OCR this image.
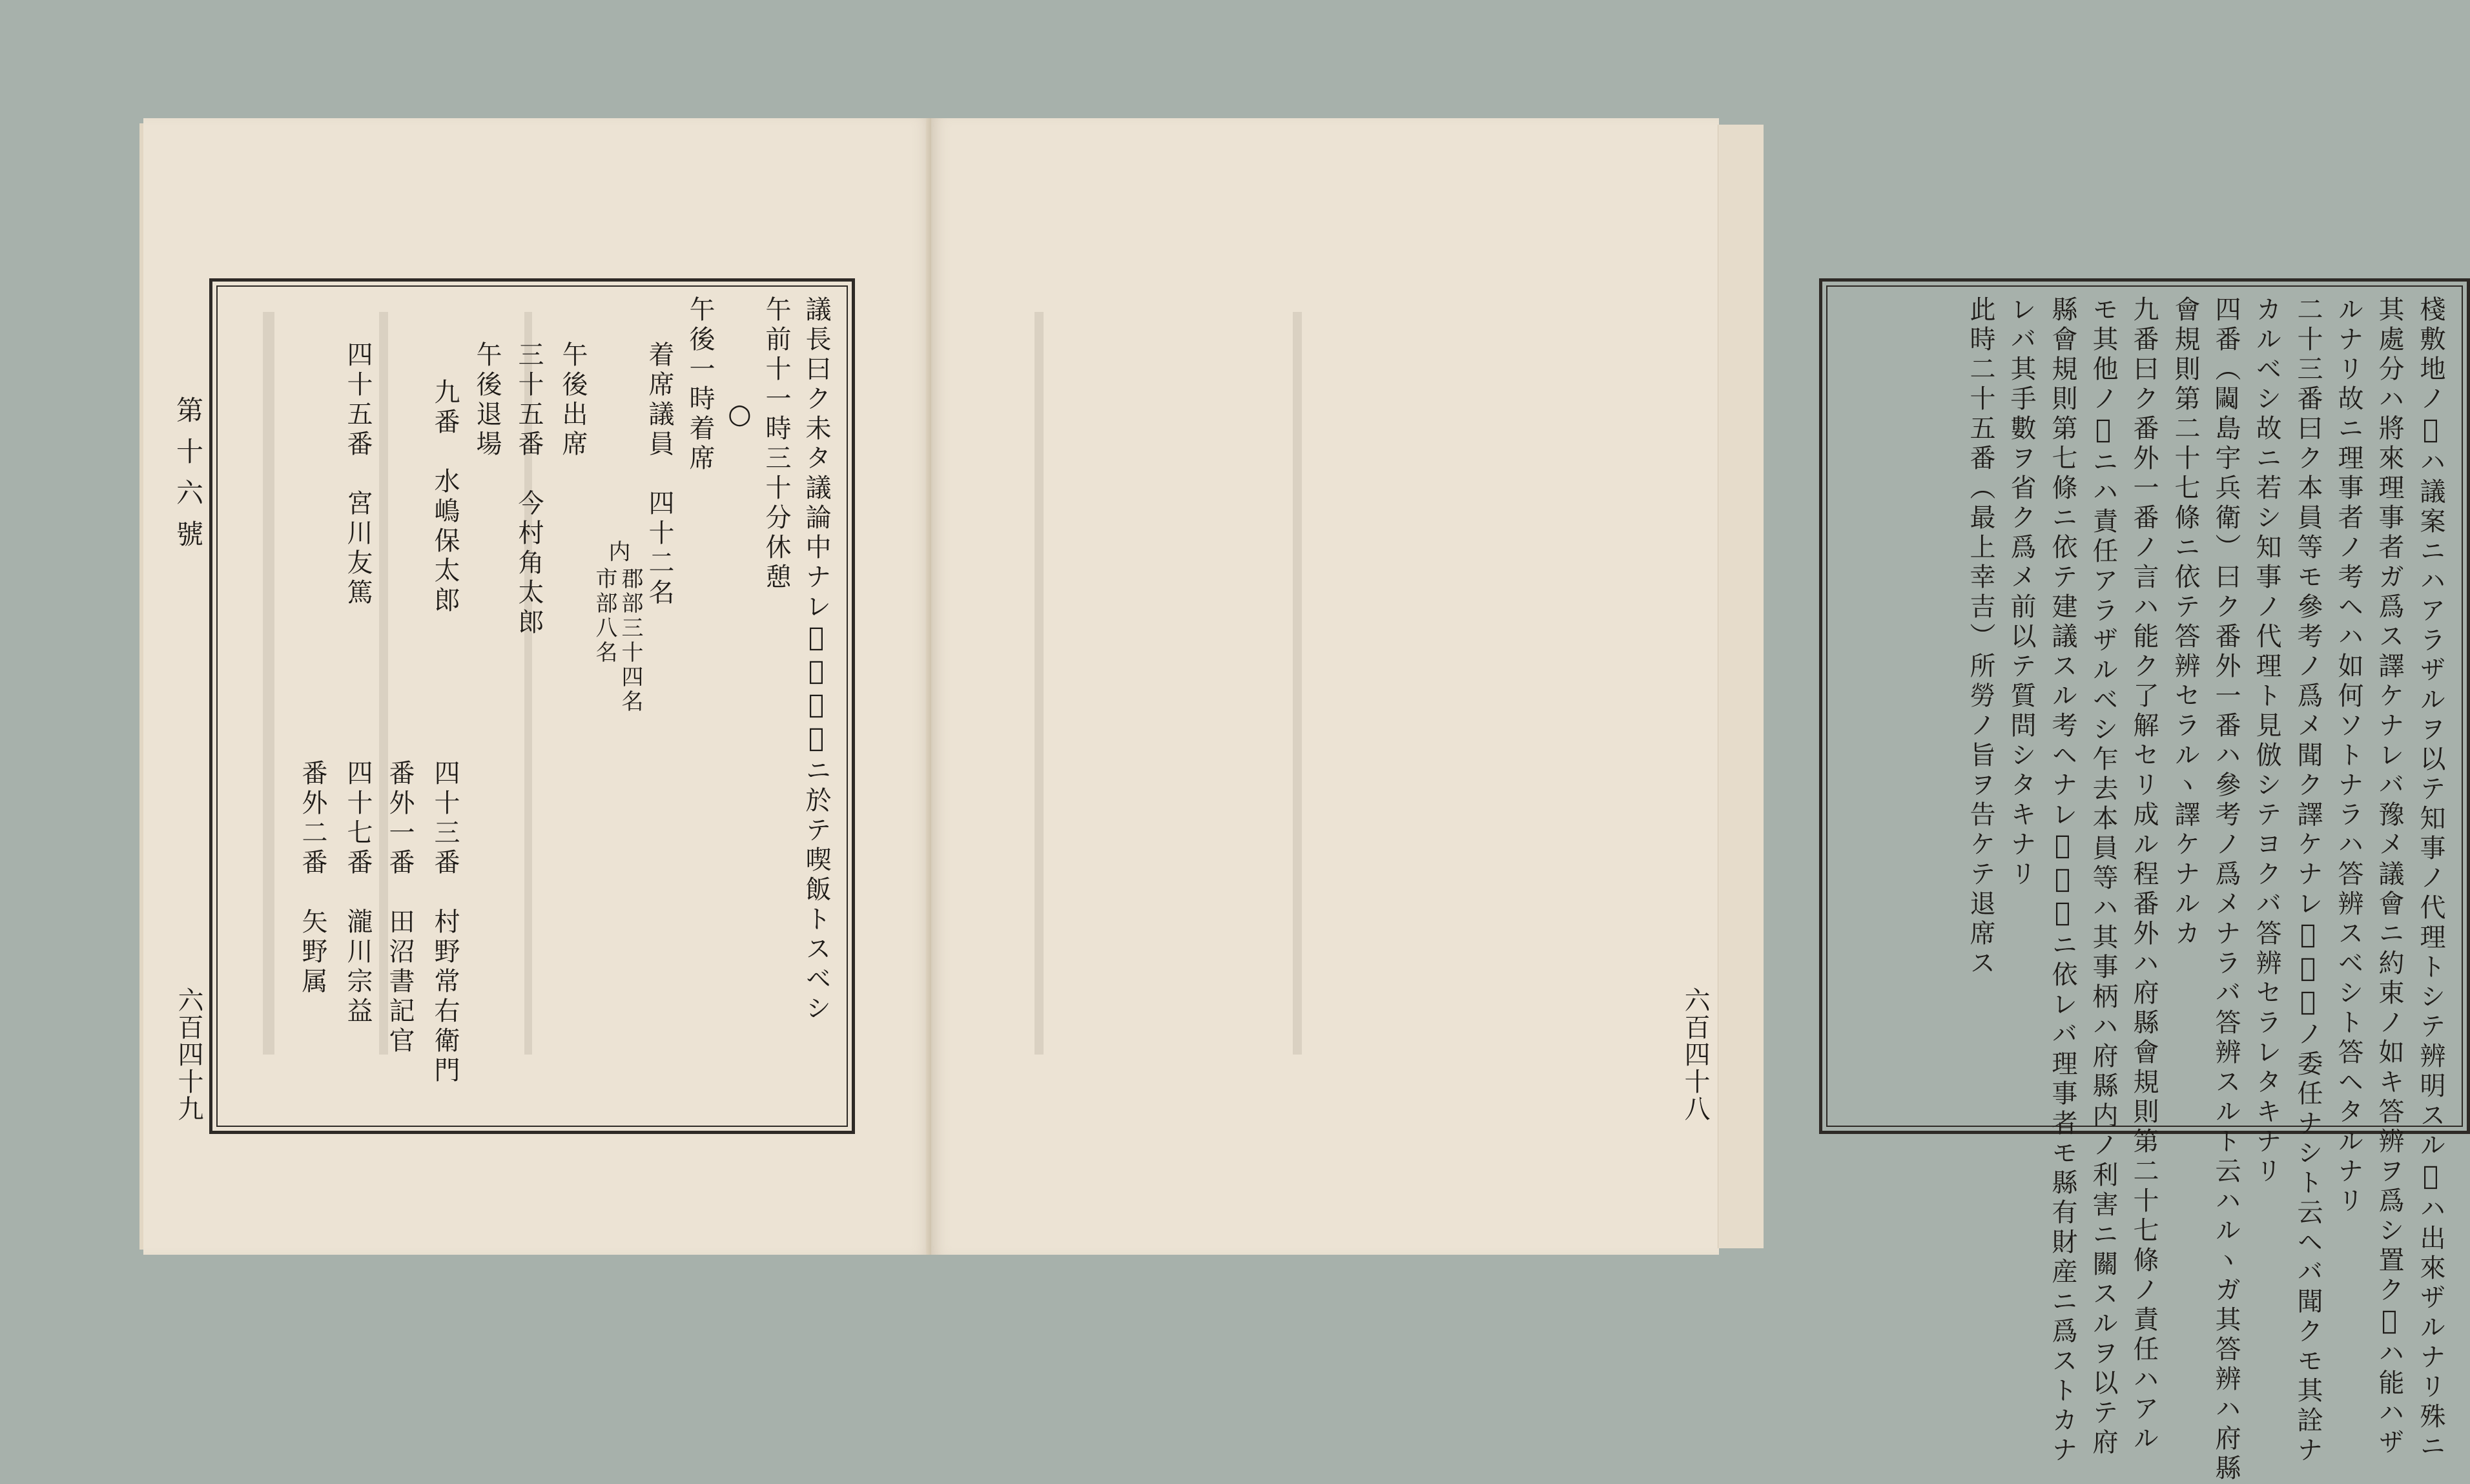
第十六號
六百四十九
議長曰ク未タ議論中ナレ𪜈此場合ニ於テ喫飯トスベシ
午前十一時三十分休憩
○
午後一時着席
着席議員　四十二名
郡部三十四名
市部八名
内
午後出席
三十五番　今村角太郎
午後退場
九番　水嶋保太郎
四十五番　宮川友篤
四十三番　村野常右衛門
四十七番　瀧川宗益 番外一番　田沼書記官
番外二番　矢野属	棧敷地ノ𪜈ハ議案ニハアラザルヲ以テ知事ノ代理トシテ辨明スル𪜈ハ出來ザルナリ殊ニ
其處分ハ將來理事者ガ爲ス譯ケナレバ豫メ議會ニ約束ノ如キ答辨ヲ爲シ置ク𪜈ハ能ハザ
ルナリ故ニ理事者ノ考ヘハ如何ソトナラハ答辨スベシト答ヘタルナリ
二十三番曰ク本員等モ參考ノ爲メ聞ク譯ケナレ𪜈知事ノ委任ナシト云ヘバ聞クモ其詮ナ
カルベシ故ニ若シ知事ノ代理ト見倣シテヨクバ答辨セラレタキナリ
四番（𨶳島宇兵衛）曰ク番外一番ハ參考ノ爲メナラバ答辨スルト云ハルヽガ其答辨ハ府縣
會規則第二十七條ニ依テ答辨セラルヽ譯ケナルカ
九番曰ク番外一番ノ言ハ能ク了解セリ成ル程番外ハ府縣會規則第二十七條ノ責任ハアル
モ其他ノ𪜈ニハ責任アラザルベシ乍去本員等ハ其事柄ハ府縣内ノ利害ニ關スルヲ以テ府
縣會規則第七條ニ依テ建議スル考ヘナレ𪜈風聞ニ依レバ理事者モ縣有財産ニ爲ストカナ
レバ其手數ヲ省ク爲メ前以テ質問シタキナリ
此時二十五番（最上幸吉）所勞ノ旨ヲ告ケテ退席ス
六百四十八
